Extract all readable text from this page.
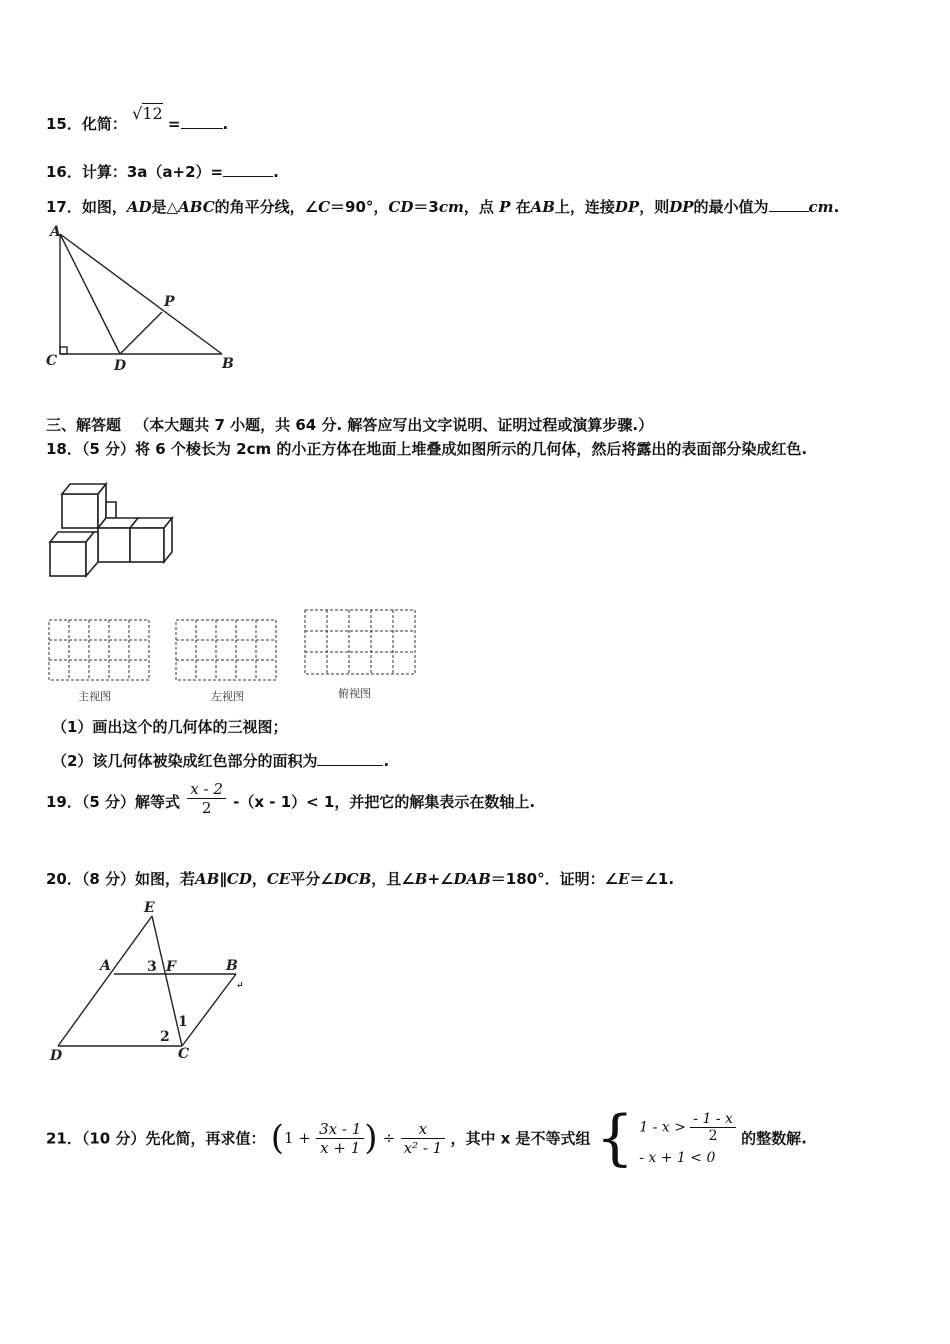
15．化简： √12 =	.
16．计算：3a（a+2）=	.
17．如图，AD是△ABC的角平分线，∠C＝90°，CD＝3cm，点 P 在AB上，连接DP，则DP的最小值为	cm.
A
C	D	B
P
三、解答题 （本大题共 7 小题，共 64 分. 解答应写出文字说明、证明过程或演算步骤.）
18．（5 分）将 6 个棱长为 2cm 的小正方体在地面上堆叠成如图所示的几何体，然后将露出的表面部分染成红色.
主视图	左视图	俯视图
（1）画出这个的几何体的三视图；
（2）该几何体被染成红色部分的面积为	.
19．（5 分）解等式 $\frac{x - 2}{2} -(x - 1)< 1$，并把它的解集表示在数轴上.
20．（8 分）如图，若AB∥CD，CE平分∠DCB，且∠B+∠DAB＝180°．证明：∠E＝∠1.
E
A	3 F	B
↵
1
2
D	C
21．（10 分）先化简，再求值： ($1 + \frac{3x - 1}{x + 1}$ ) ÷ $\frac{x}{\text{x² - 1}}$ ，其中 x 是不等式组 { $1 - x > \frac{- 1 - x}{2}$
- x + 1 < 0
的整数解.
